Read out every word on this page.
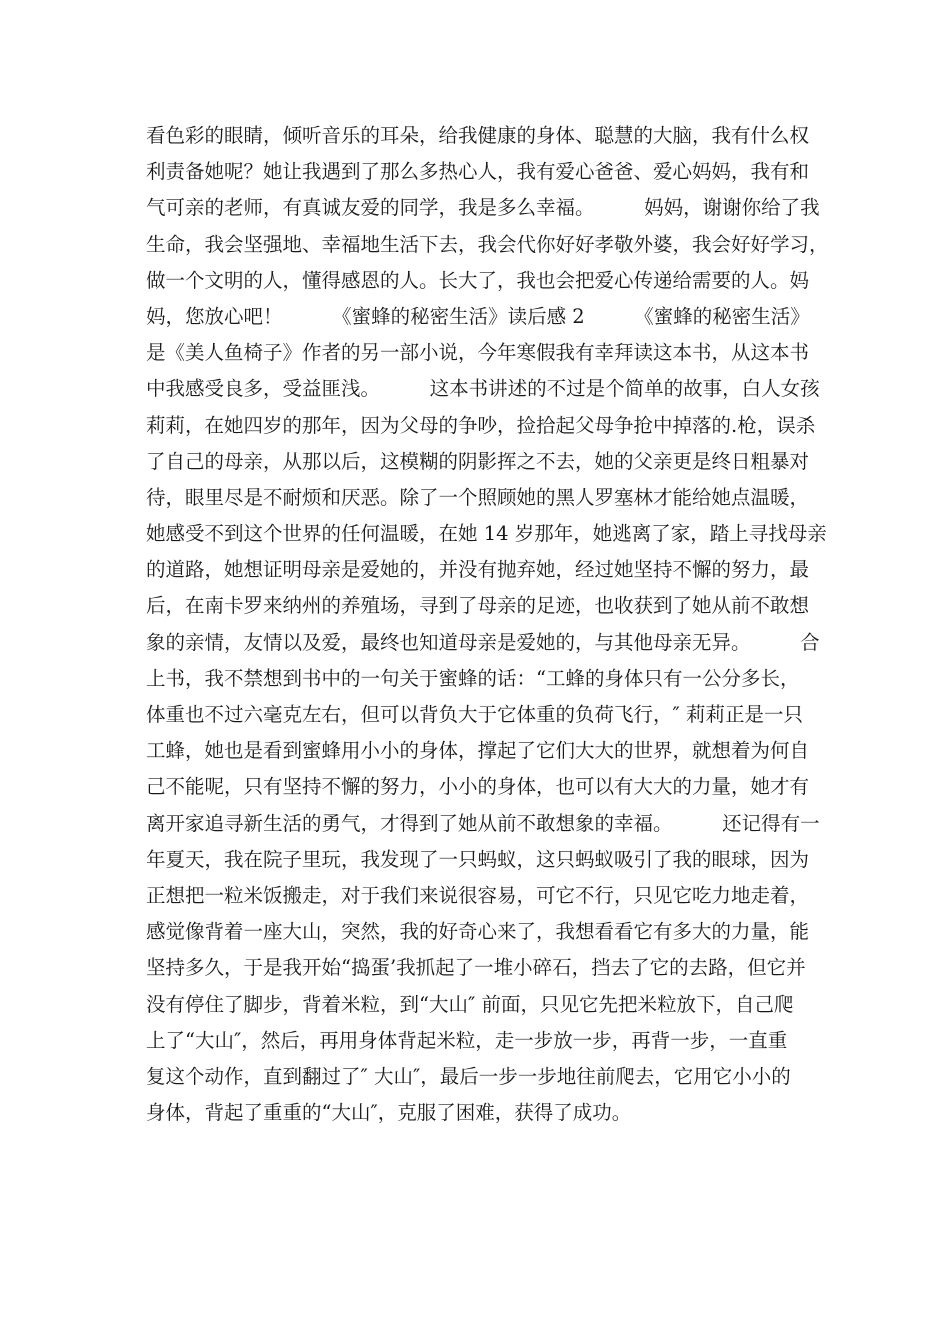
看色彩的眼睛，倾听音乐的耳朵，给我健康的身体、聪慧的大脑，我有什么权
利责备她呢？她让我遇到了那么多热心人，我有爱心爸爸、爱心妈妈，我有和
气可亲的老师，有真诚友爱的同学，我是多么幸福。        妈妈，谢谢你给了我
生命，我会坚强地、幸福地生活下去，我会代你好好孝敬外婆，我会好好学习，
做一个文明的人，懂得感恩的人。长大了，我也会把爱心传递给需要的人。妈
妈，您放心吧！        《蜜蜂的秘密生活》读后感 2        《蜜蜂的秘密生活》
是《美人鱼椅子》作者的另一部小说，今年寒假我有幸拜读这本书，从这本书
中我感受良多，受益匪浅。        这本书讲述的不过是个简单的故事，白人女孩
莉莉，在她四岁的那年，因为父母的争吵，捡拾起父母争抢中掉落的.枪，误杀
了自己的母亲，从那以后，这模糊的阴影挥之不去，她的父亲更是终日粗暴对
待，眼里尽是不耐烦和厌恶。除了一个照顾她的黑人罗塞林才能给她点温暖，
她感受不到这个世界的任何温暖，在她 14 岁那年，她逃离了家，踏上寻找母亲
的道路，她想证明母亲是爱她的，并没有抛弃她，经过她坚持不懈的努力，最
后，在南卡罗来纳州的养殖场，寻到了母亲的足迹，也收获到了她从前不敢想
象的亲情，友情以及爱，最终也知道母亲是爱她的，与其他母亲无异。        合
上书，我不禁想到书中的一句关于蜜蜂的话：“工蜂的身体只有一公分多长，
体重也不过六毫克左右，但可以背负大于它体重的负荷飞行，″ 莉莉正是一只
工蜂，她也是看到蜜蜂用小小的身体，撑起了它们大大的世界，就想着为何自
己不能呢，只有坚持不懈的努力，小小的身体，也可以有大大的力量，她才有
离开家追寻新生活的勇气，才得到了她从前不敢想象的幸福。        还记得有一
年夏天，我在院子里玩，我发现了一只蚂蚁，这只蚂蚁吸引了我的眼球，因为
正想把一粒米饭搬走，对于我们来说很容易，可它不行，只见它吃力地走着，
感觉像背着一座大山，突然，我的好奇心来了，我想看看它有多大的力量，能
坚持多久，于是我开始“捣蛋’我抓起了一堆小碎石，挡去了它的去路，但它并
没有停住了脚步，背着米粒，到“大山″ 前面，只见它先把米粒放下，自己爬
上了“大山″，然后，再用身体背起米粒，走一步放一步，再背一步，一直重
复这个动作，直到翻过了″ 大山″，最后一步一步地往前爬去，它用它小小的
身体，背起了重重的“大山″，克服了困难，获得了成功。
